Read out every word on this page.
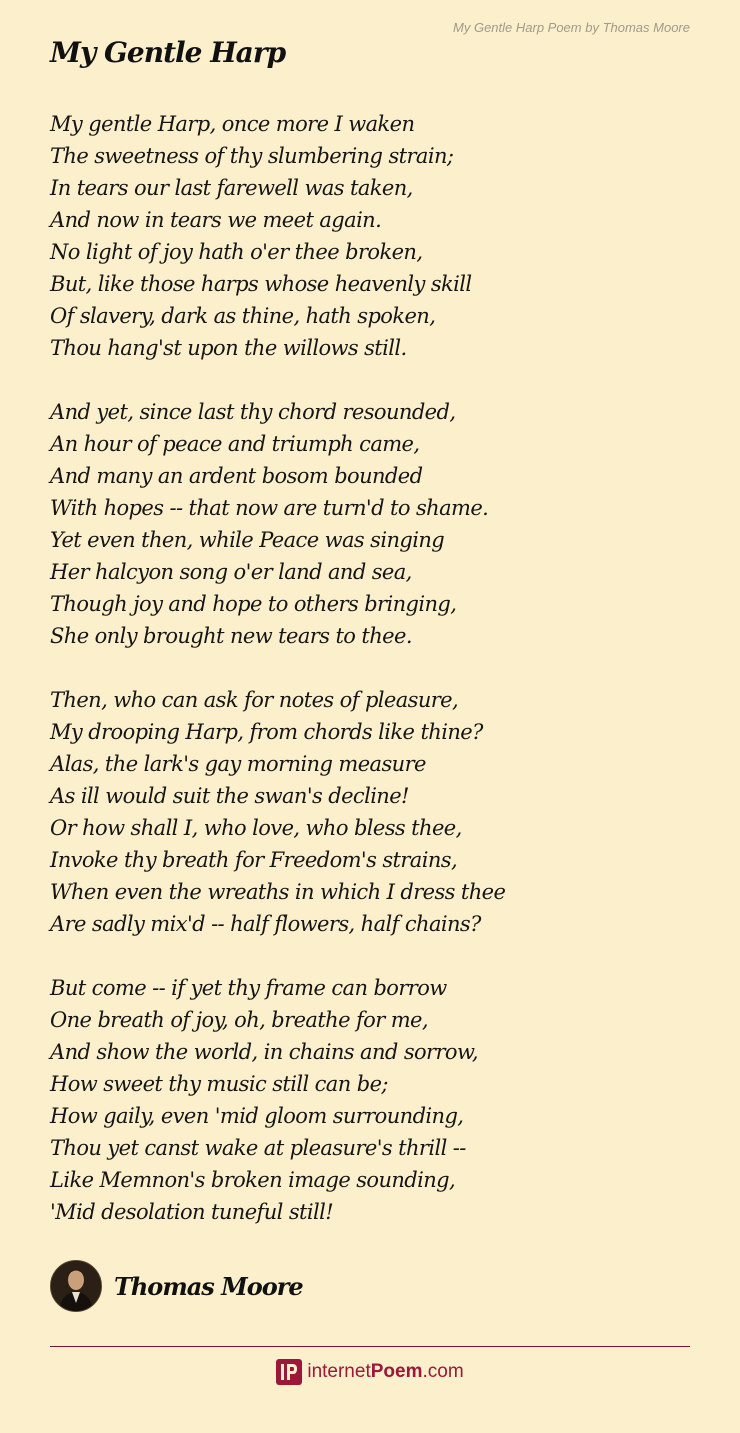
My Gentle Harp Poem by Thomas Moore
My Gentle Harp
My gentle Harp, once more I waken
The sweetness of thy slumbering strain;
In tears our last farewell was taken,
And now in tears we meet again.
No light of joy hath o'er thee broken,
But, like those harps whose heavenly skill
Of slavery, dark as thine, hath spoken,
Thou hang'st upon the willows still.
And yet, since last thy chord resounded,
An hour of peace and triumph came,
And many an ardent bosom bounded
With hopes -- that now are turn'd to shame.
Yet even then, while Peace was singing
Her halcyon song o'er land and sea,
Though joy and hope to others bringing,
She only brought new tears to thee.
Then, who can ask for notes of pleasure,
My drooping Harp, from chords like thine?
Alas, the lark's gay morning measure
As ill would suit the swan's decline!
Or how shall I, who love, who bless thee,
Invoke thy breath for Freedom's strains,
When even the wreaths in which I dress thee
Are sadly mix'd -- half flowers, half chains?
But come -- if yet thy frame can borrow
One breath of joy, oh, breathe for me,
And show the world, in chains and sorrow,
How sweet thy music still can be;
How gaily, even 'mid gloom surrounding,
Thou yet canst wake at pleasure's thrill --
Like Memnon's broken image sounding,
'Mid desolation tuneful still!
Thomas Moore
internetPoem.com
